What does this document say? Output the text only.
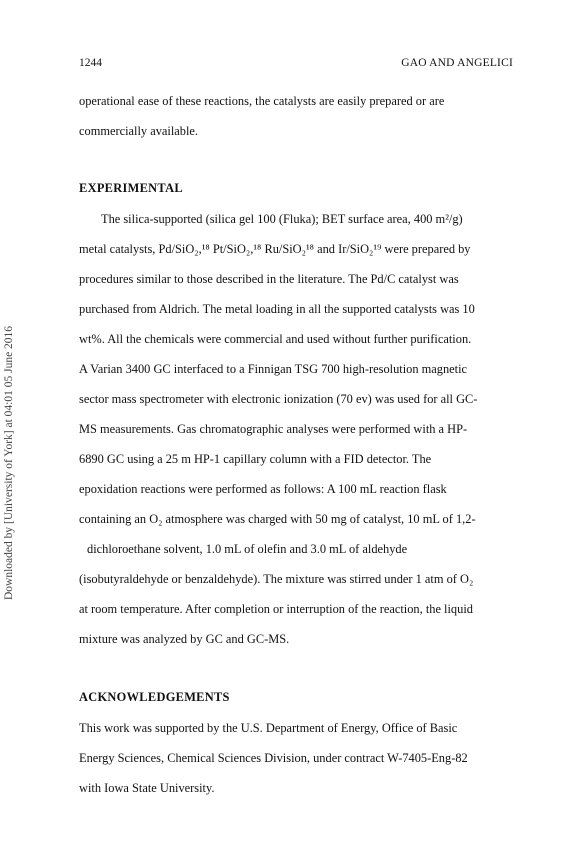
1244	GAO AND ANGELICI
Downloaded by [University of York] at 04:01 05 June 2016
operational ease of these reactions, the catalysts are easily prepared or are
commercially available.
EXPERIMENTAL
The silica-supported (silica gel 100 (Fluka); BET surface area, 400 m²/g)
metal catalysts, Pd/SiO₂,¹⁸ Pt/SiO₂,¹⁸ Ru/SiO₂¹⁸ and Ir/SiO₂¹⁹ were prepared by
procedures similar to those described in the literature. The Pd/C catalyst was
purchased from Aldrich. The metal loading in all the supported catalysts was 10
wt%. All the chemicals were commercial and used without further purification.
A Varian 3400 GC interfaced to a Finnigan TSG 700 high-resolution magnetic
sector mass spectrometer with electronic ionization (70 ev) was used for all GC-
MS measurements. Gas chromatographic analyses were performed with a HP-
6890 GC using a 25 m HP-1 capillary column with a FID detector. The
epoxidation reactions were performed as follows: A 100 mL reaction flask
containing an O₂ atmosphere was charged with 50 mg of catalyst, 10 mL of 1,2-
dichloroethane solvent, 1.0 mL of olefin and 3.0 mL of aldehyde
(isobutyraldehyde or benzaldehyde). The mixture was stirred under 1 atm of O₂
at room temperature. After completion or interruption of the reaction, the liquid
mixture was analyzed by GC and GC-MS.
ACKNOWLEDGEMENTS
This work was supported by the U.S. Department of Energy, Office of Basic
Energy Sciences, Chemical Sciences Division, under contract W-7405-Eng-82
with Iowa State University.
